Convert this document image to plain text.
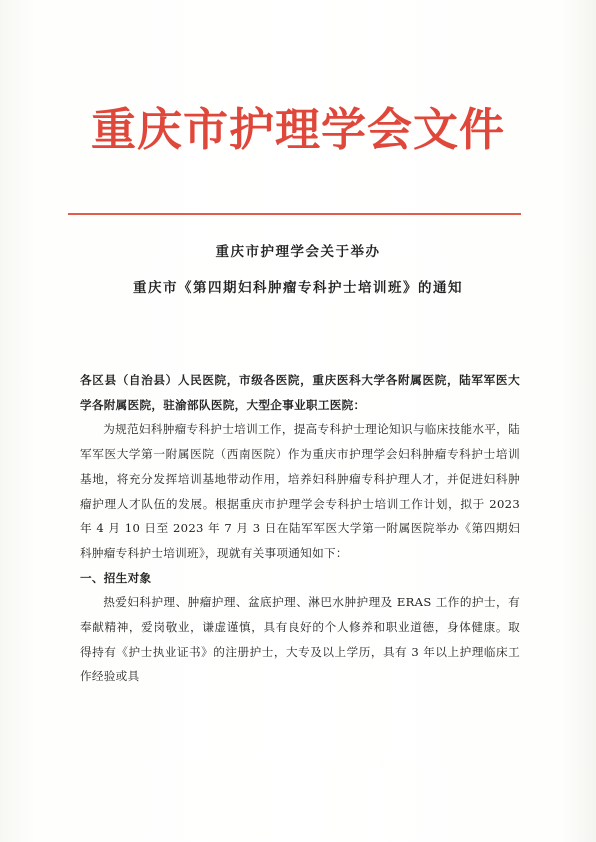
重庆市护理学会文件
重庆市护理学会关于举办
重庆市《第四期妇科肿瘤专科护士培训班》的通知

各区县（自治县）人民医院，市级各医院，重庆医科大学各附属医院，陆军军医大学各附属医院，驻渝部队医院，大型企事业职工医院：

为规范妇科肿瘤专科护士培训工作，提高专科护士理论知识与临床技能水平，陆军军医大学第一附属医院（西南医院）作为重庆市护理学会妇科肿瘤专科护士培训基地，将充分发挥培训基地带动作用，培养妇科肿瘤专科护理人才，并促进妇科肿瘤护理人才队伍的发展。根据重庆市护理学会专科护士培训工作计划，拟于 2023 年 4 月 10 日至 2023 年 7 月 3 日在陆军军医大学第一附属医院举办《第四期妇科肿瘤专科护士培训班》，现就有关事项通知如下：

一、招生对象

热爱妇科护理、肿瘤护理、盆底护理、淋巴水肿护理及 ERAS 工作的护士，有奉献精神，爱岗敬业，谦虚谨慎，具有良好的个人修养和职业道德，身体健康。取得持有《护士执业证书》的注册护士，大专及以上学历，具有 3 年以上护理临床工作经验或具
